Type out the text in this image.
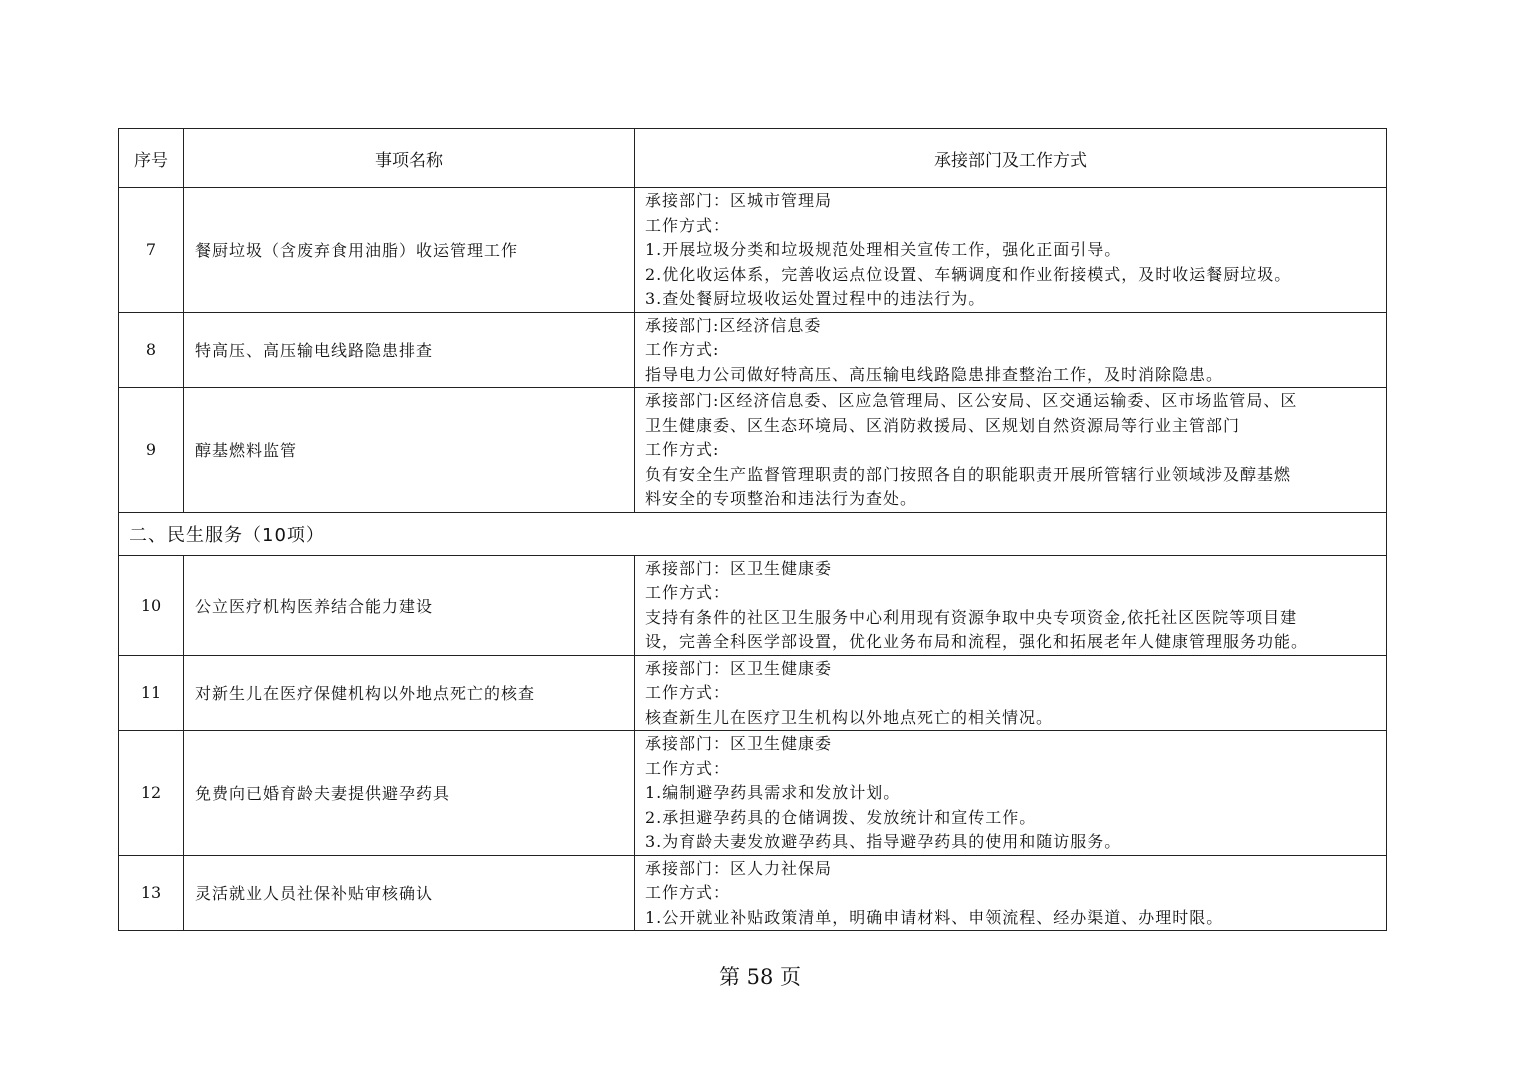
序号	事项名称	承接部门及工作方式
7	餐厨垃圾（含废弃食用油脂）收运管理工作	承接部门：区城市管理局
工作方式：
1.开展垃圾分类和垃圾规范处理相关宣传工作，强化正面引导。
2.优化收运体系，完善收运点位设置、车辆调度和作业衔接模式，及时收运餐厨垃圾。
3.查处餐厨垃圾收运处置过程中的违法行为。

8	特高压、高压输电线路隐患排查	承接部门:区经济信息委
工作方式:
指导电力公司做好特高压、高压输电线路隐患排查整治工作，及时消除隐患。

9	醇基燃料监管	承接部门:区经济信息委、区应急管理局、区公安局、区交通运输委、区市场监管局、区
卫生健康委、区生态环境局、区消防救援局、区规划自然资源局等行业主管部门
工作方式:
负有安全生产监督管理职责的部门按照各自的职能职责开展所管辖行业领域涉及醇基燃
料安全的专项整治和违法行为查处。

二、民生服务（10项）		
10	公立医疗机构医养结合能力建设	承接部门：区卫生健康委
工作方式：
支持有条件的社区卫生服务中心利用现有资源争取中央专项资金,依托社区医院等项目建
设，完善全科医学部设置，优化业务布局和流程，强化和拓展老年人健康管理服务功能。

11	对新生儿在医疗保健机构以外地点死亡的核查	承接部门：区卫生健康委
工作方式：
核查新生儿在医疗卫生机构以外地点死亡的相关情况。

12	免费向已婚育龄夫妻提供避孕药具	承接部门：区卫生健康委
工作方式：
1.编制避孕药具需求和发放计划。
2.承担避孕药具的仓储调拨、发放统计和宣传工作。
3.为育龄夫妻发放避孕药具、指导避孕药具的使用和随访服务。

13	灵活就业人员社保补贴审核确认	承接部门：区人力社保局
工作方式：
1.公开就业补贴政策清单，明确申请材料、申领流程、经办渠道、办理时限。
第 58 页
